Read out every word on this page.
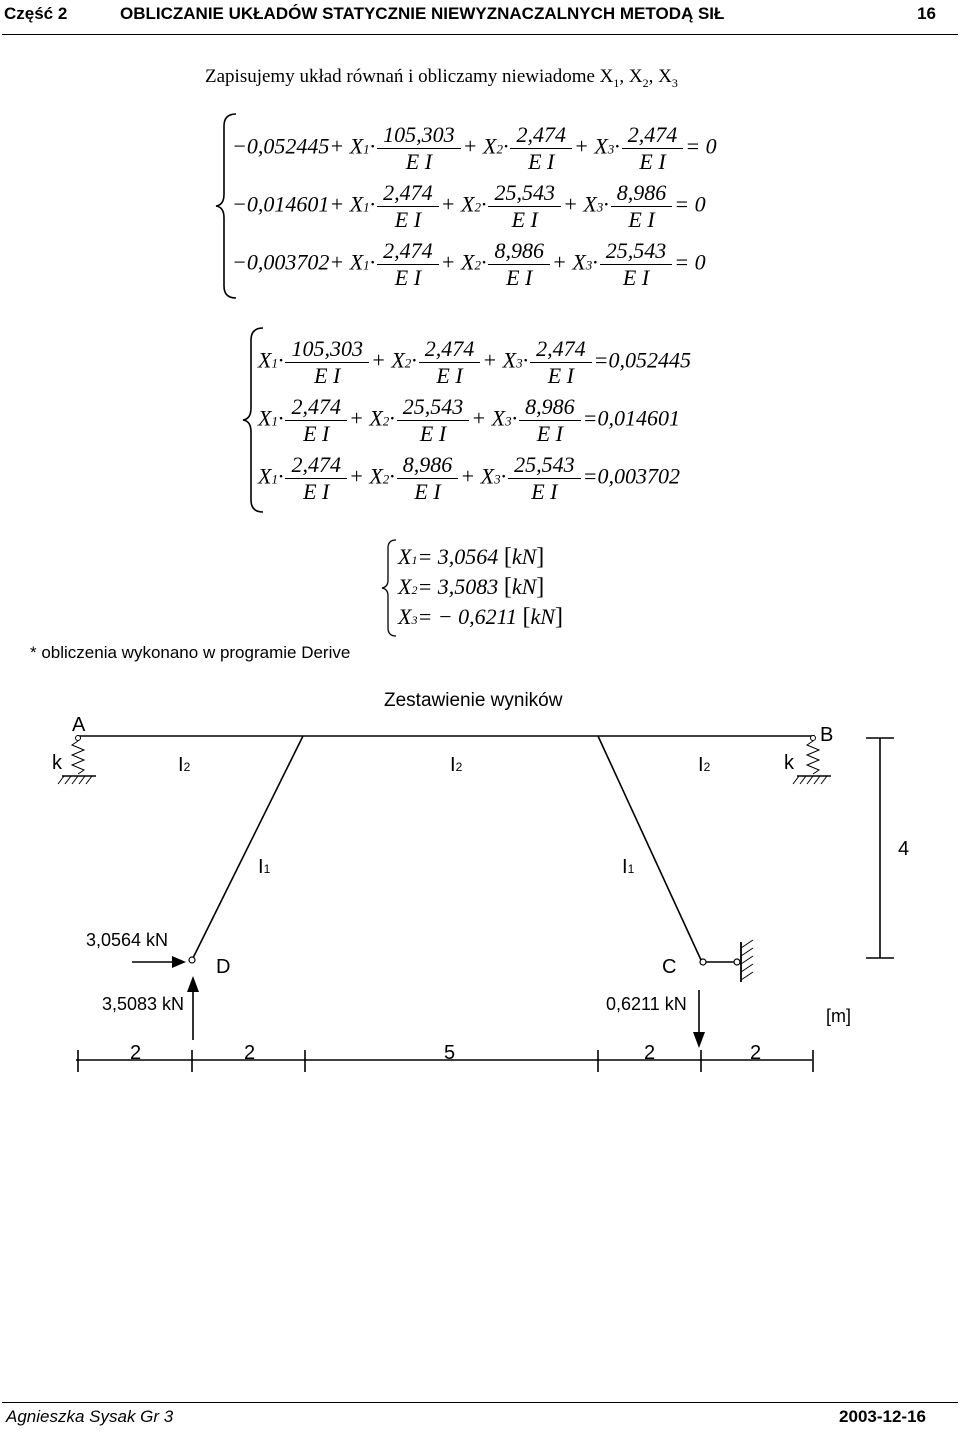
Część 2	OBLICZANIE UKŁADÓW STATYCZNIE NIEWYZNACZALNYCH METODĄ SIŁ	16
Zapisujemy układ równań i obliczamy niewiadome $X_1$, $X_2$, $X_3$
$-0,052445+ X1\cdot \frac{105,303}{\text{E I}} + X2\cdot \frac{2,474}{\text{E I}} + X3\cdot \frac{2,474}{\text{E I}} = 0$
$-0,014601+ X1\cdot \frac{2,474}{\text{E I}} + X2\cdot \frac{25,543}{\text{E I}} + X3\cdot \frac{8,986}{\text{E I}} = 0$
$-0,003702+ X1\cdot \frac{2,474}{\text{E I}} + X2\cdot \frac{8,986}{\text{E I}} + X3\cdot \frac{25,543}{\text{E I}} = 0$
$X1\cdot \frac{105,303}{\text{E I}} + X2\cdot \frac{2,474}{\text{E I}} + X3\cdot \frac{2,474}{\text{E I}} =0,052445$
$X1\cdot \frac{2,474}{\text{E I}} + X2\cdot \frac{25,543}{\text{E I}} + X3\cdot \frac{8,986}{\text{E I}} =0,014601$
$X1\cdot \frac{2,474}{\text{E I}} + X2\cdot \frac{8,986}{\text{E I}} + X3\cdot \frac{25,543}{\text{E I}} =0,003702$
X1= 3,0564 [kN]
X2= 3,5083 [kN]
X3= − 0,6211 [kN]
* obliczenia wykonano w programie Derive
Zestawienie wyników
A	B
C
D
k	k
I2	I2	I2
I1	I1
4
3,0564 kN
3,5083 kN	0,6211 kN
[m]
2	2	5	2	2
Agnieszka Sysak Gr 3	2003-12-16
